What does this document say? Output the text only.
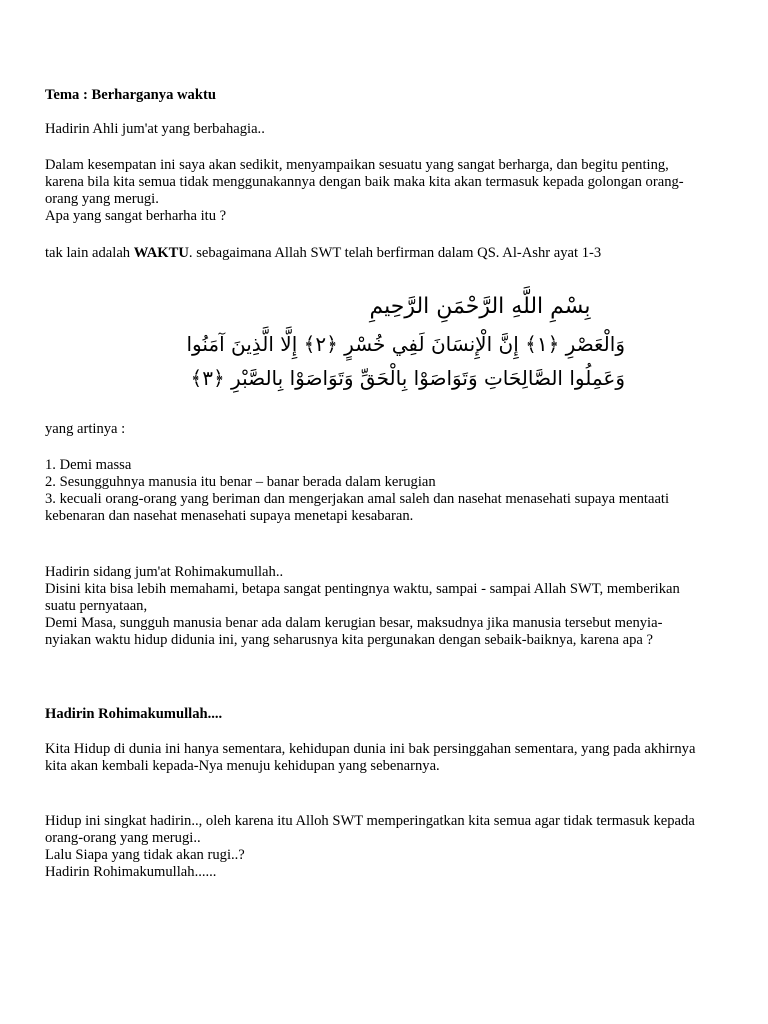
Tema : Berharganya waktu

Hadirin Ahli jum'at yang berbahagia..

Dalam kesempatan ini saya akan sedikit, menyampaikan sesuatu yang sangat berharga, dan begitu penting,
karena bila kita semua tidak menggunakannya dengan baik maka kita akan termasuk kepada golongan orang-
orang yang merugi.
Apa yang sangat berharha itu ?

tak lain adalah WAKTU. sebagaimana Allah SWT telah berfirman dalam QS. Al-Ashr ayat 1-3

yang artinya :

1. Demi massa
2. Sesungguhnya manusia itu benar – banar berada dalam kerugian
3. kecuali orang-orang yang beriman dan mengerjakan amal saleh dan nasehat menasehati supaya mentaati
kebenaran dan nasehat menasehati supaya menetapi kesabaran.

Hadirin sidang jum'at Rohimakumullah..
Disini kita bisa lebih memahami, betapa sangat pentingnya waktu, sampai - sampai Allah SWT, memberikan
suatu pernyataan,
Demi Masa, sungguh manusia benar ada dalam kerugian besar, maksudnya jika manusia tersebut menyia-
nyiakan waktu hidup didunia ini, yang seharusnya kita pergunakan dengan sebaik-baiknya, karena apa ?

Hadirin Rohimakumullah....

Kita Hidup di dunia ini hanya sementara, kehidupan dunia ini bak persinggahan sementara, yang pada akhirnya
kita akan kembali kepada-Nya menuju kehidupan yang sebenarnya.

Hidup ini singkat hadirin.., oleh karena itu Alloh SWT memperingatkan kita semua agar tidak termasuk kepada
orang-orang yang merugi..
Lalu Siapa yang tidak akan rugi..?
Hadirin Rohimakumullah......

بِسْمِ اللَّهِ الرَّحْمَنِ الرَّحِيمِ
وَالْعَصْرِ ﴿١﴾ إِنَّ الْإِنسَانَ لَفِي خُسْرٍ ﴿٢﴾ إِلَّا الَّذِينَ آمَنُوا
وَعَمِلُوا الصَّالِحَاتِ وَتَوَاصَوْا بِالْحَقِّ وَتَوَاصَوْا بِالصَّبْرِ ﴿٣﴾
